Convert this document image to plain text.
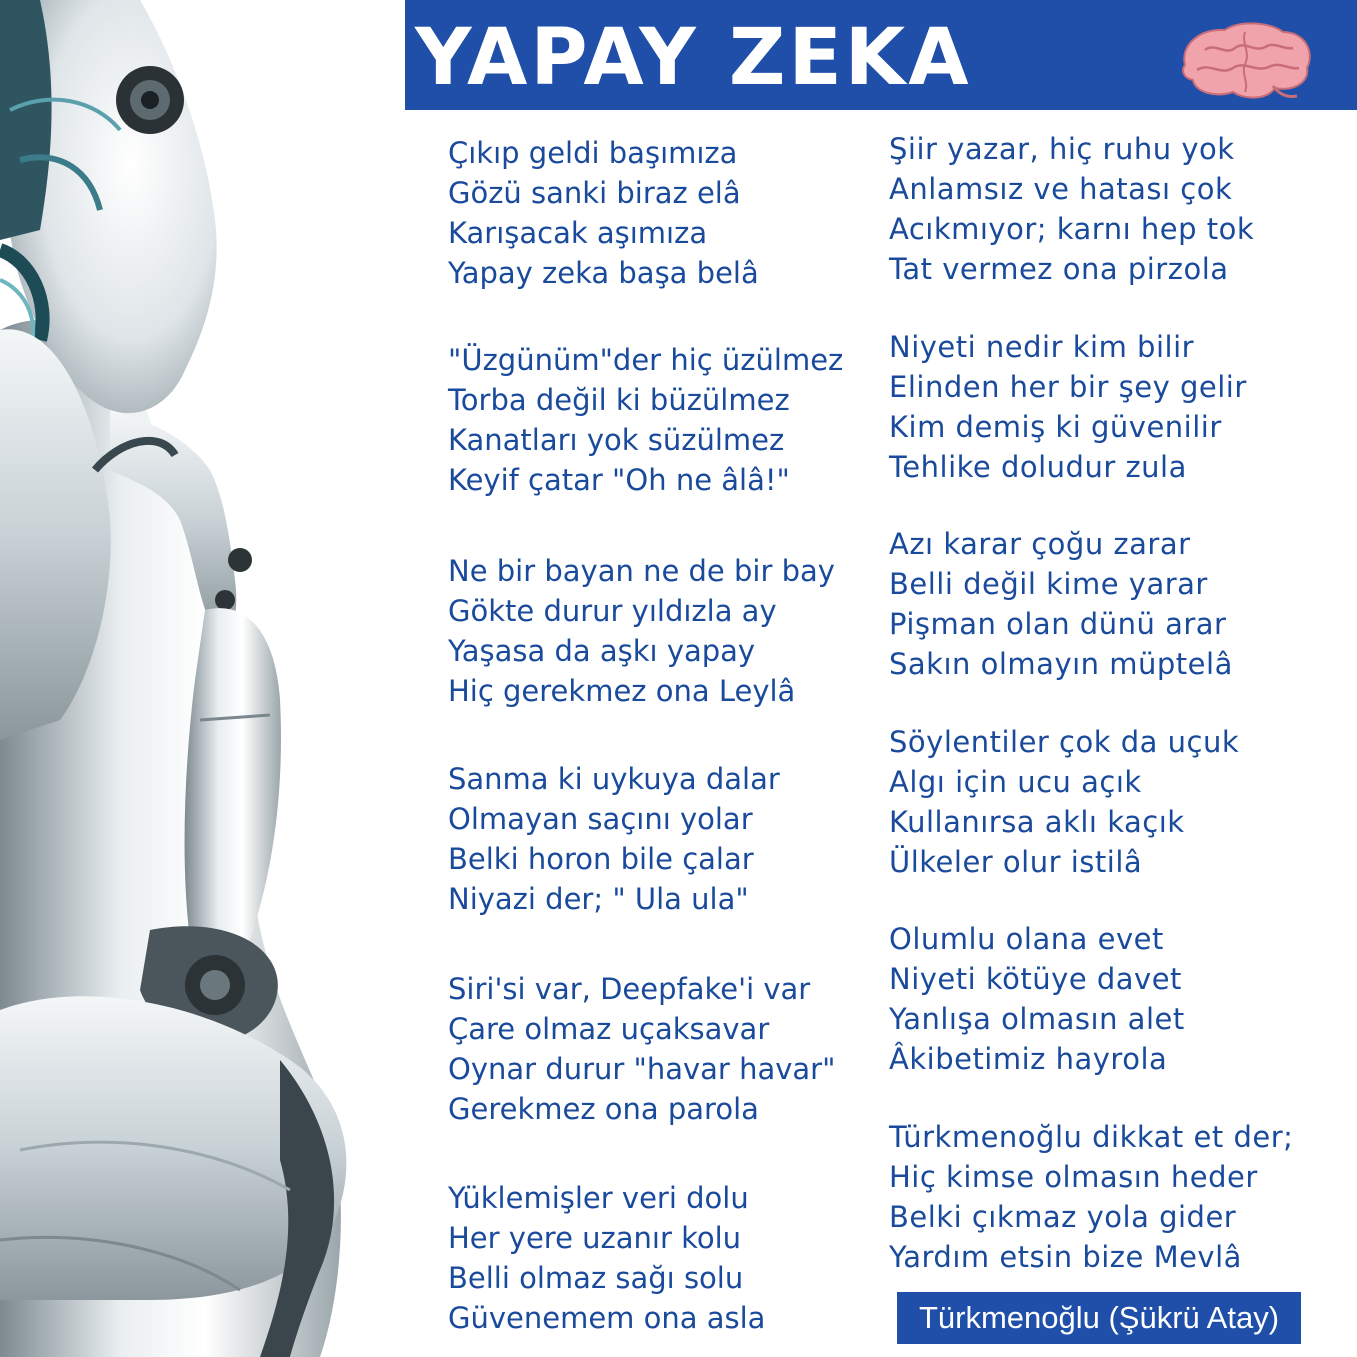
YAPAY ZEKA
Çıkıp geldi başımıza
Gözü sanki biraz elâ
Karışacak aşımıza
Yapay zeka başa belâ
"Üzgünüm"der hiç üzülmez
Torba değil ki büzülmez
Kanatları yok süzülmez
Keyif çatar "Oh ne âlâ!"
Ne bir bayan ne de bir bay
Gökte durur yıldızla ay
Yaşasa da aşkı yapay
Hiç gerekmez ona Leylâ
Sanma ki uykuya dalar
Olmayan saçını yolar
Belki horon bile çalar
Niyazi der; " Ula ula"
Siri'si var, Deepfake'i var
Çare olmaz uçaksavar
Oynar durur "havar havar"
Gerekmez ona parola
Yüklemişler veri dolu
Her yere uzanır kolu
Belli olmaz sağı solu
Güvenemem ona asla
Şiir yazar, hiç ruhu yok
Anlamsız ve hatası çok
Acıkmıyor; karnı hep tok
Tat vermez ona pirzola
Niyeti nedir kim bilir
Elinden her bir şey gelir
Kim demiş ki güvenilir
Tehlike doludur zula
Azı karar çoğu zarar
Belli değil kime yarar
Pişman olan dünü arar
Sakın olmayın müptelâ
Söylentiler çok da uçuk
Algı için ucu açık
Kullanırsa aklı kaçık
Ülkeler olur istilâ
Olumlu olana evet
Niyeti kötüye davet
Yanlışa olmasın alet
Âkibetimiz hayrola
Türkmenoğlu dikkat et der;
Hiç kimse olmasın heder
Belki çıkmaz yola gider
Yardım etsin bize Mevlâ
Türkmenoğlu (Şükrü Atay)
